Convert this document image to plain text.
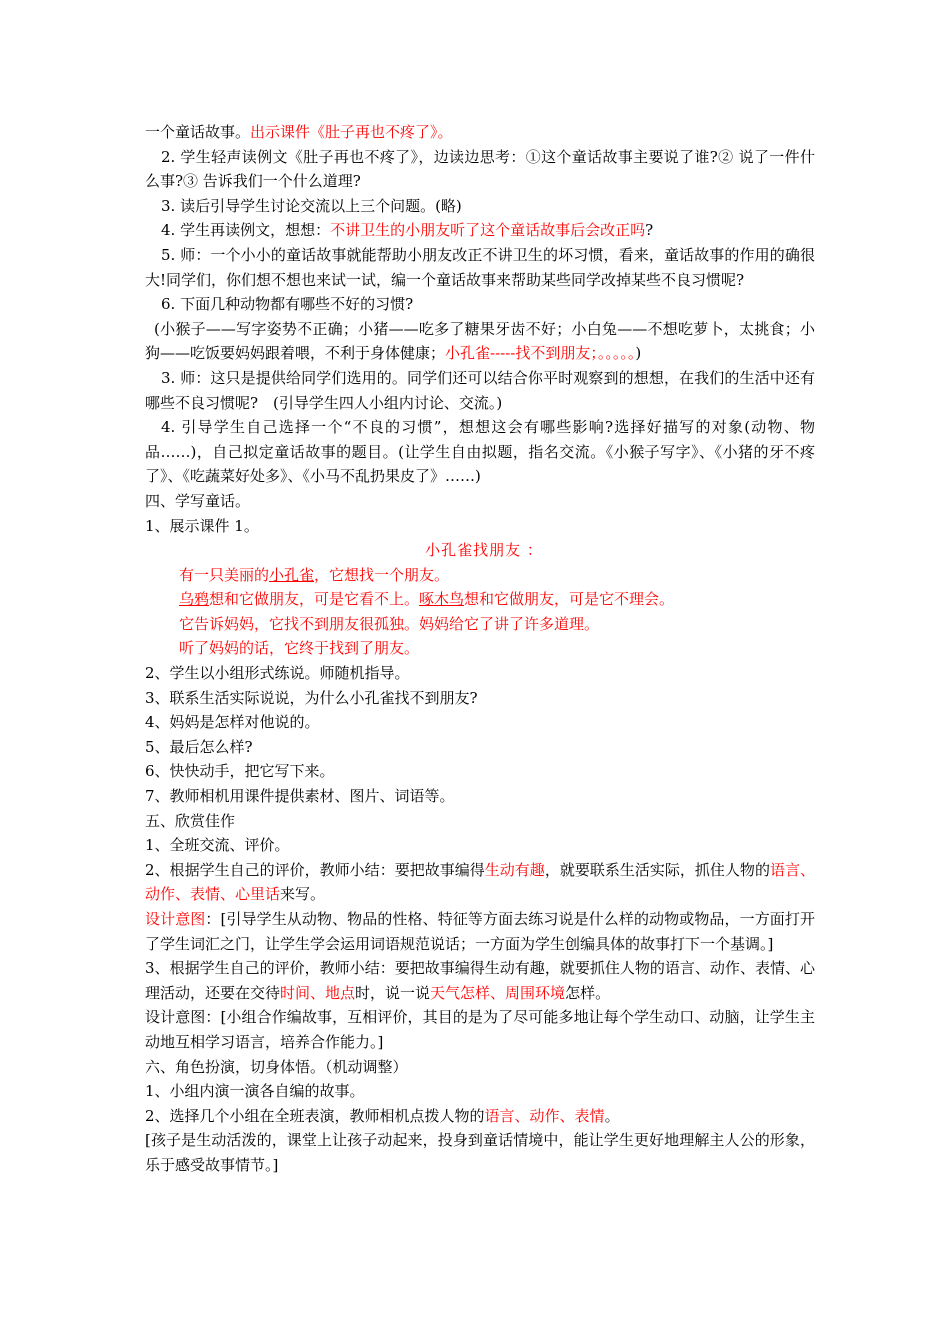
一个童话故事。出示课件《肚子再也不疼了》。

2. 学生轻声读例文《肚子再也不疼了》，边读边思考：①这个童话故事主要说了谁?② 说了一件什么事?③ 告诉我们一个什么道理?

3. 读后引导学生讨论交流以上三个问题。(略)

4. 学生再读例文，想想：不讲卫生的小朋友听了这个童话故事后会改正吗?

5. 师：一个小小的童话故事就能帮助小朋友改正不讲卫生的坏习惯，看来，童话故事的作用的确很大!同学们，你们想不想也来试一试，编一个童话故事来帮助某些同学改掉某些不良习惯呢?

6. 下面几种动物都有哪些不好的习惯?

(小猴子——写字姿势不正确；小猪——吃多了糖果牙齿不好；小白兔——不想吃萝卜，太挑食；小狗——吃饭要妈妈跟着喂，不利于身体健康；小孔雀-----找不到朋友；。。。。。)

3. 师：这只是提供给同学们选用的。同学们还可以结合你平时观察到的想想，在我们的生活中还有哪些不良习惯呢?　(引导学生四人小组内讨论、交流。)

4. 引导学生自己选择一个“不良的习惯”，想想这会有哪些影响?选择好描写的对象(动物、物品……)，自己拟定童话故事的题目。(让学生自由拟题，指名交流。《小猴子写字》、《小猪的牙不疼了》、《吃蔬菜好处多》、《小马不乱扔果皮了》……)

四、学写童话。

1、展示课件 1。

小孔雀找朋友 ：

有一只美丽的小孔雀，它想找一个朋友。

乌鸦想和它做朋友，可是它看不上。啄木鸟想和它做朋友，可是它不理会。

它告诉妈妈，它找不到朋友很孤独。妈妈给它了讲了许多道理。

听了妈妈的话，它终于找到了朋友。

2、学生以小组形式练说。师随机指导。

3、联系生活实际说说，为什么小孔雀找不到朋友?

4、妈妈是怎样对他说的。

5、最后怎么样?

6、快快动手，把它写下来。

7、教师相机用课件提供素材、图片、词语等。

五、欣赏佳作

1、全班交流、评价。

2、根据学生自己的评价，教师小结：要把故事编得生动有趣，就要联系生活实际，抓住人物的语言、动作、表情、心里话来写。

设计意图：[引导学生从动物、物品的性格、特征等方面去练习说是什么样的动物或物品，一方面打开了学生词汇之门，让学生学会运用词语规范说话；一方面为学生创编具体的故事打下一个基调。]

3、根据学生自己的评价，教师小结：要把故事编得生动有趣，就要抓住人物的语言、动作、表情、心理活动，还要在交待时间、地点时，说一说天气怎样、周围环境怎样。

设计意图：[小组合作编故事，互相评价，其目的是为了尽可能多地让每个学生动口、动脑，让学生主动地互相学习语言，培养合作能力。]

六、角色扮演，切身体悟。（机动调整）

1、小组内演一演各自编的故事。

2、选择几个小组在全班表演，教师相机点拨人物的语言、动作、表情。

[孩子是生动活泼的，课堂上让孩子动起来，投身到童话情境中，能让学生更好地理解主人公的形象，乐于感受故事情节。]
